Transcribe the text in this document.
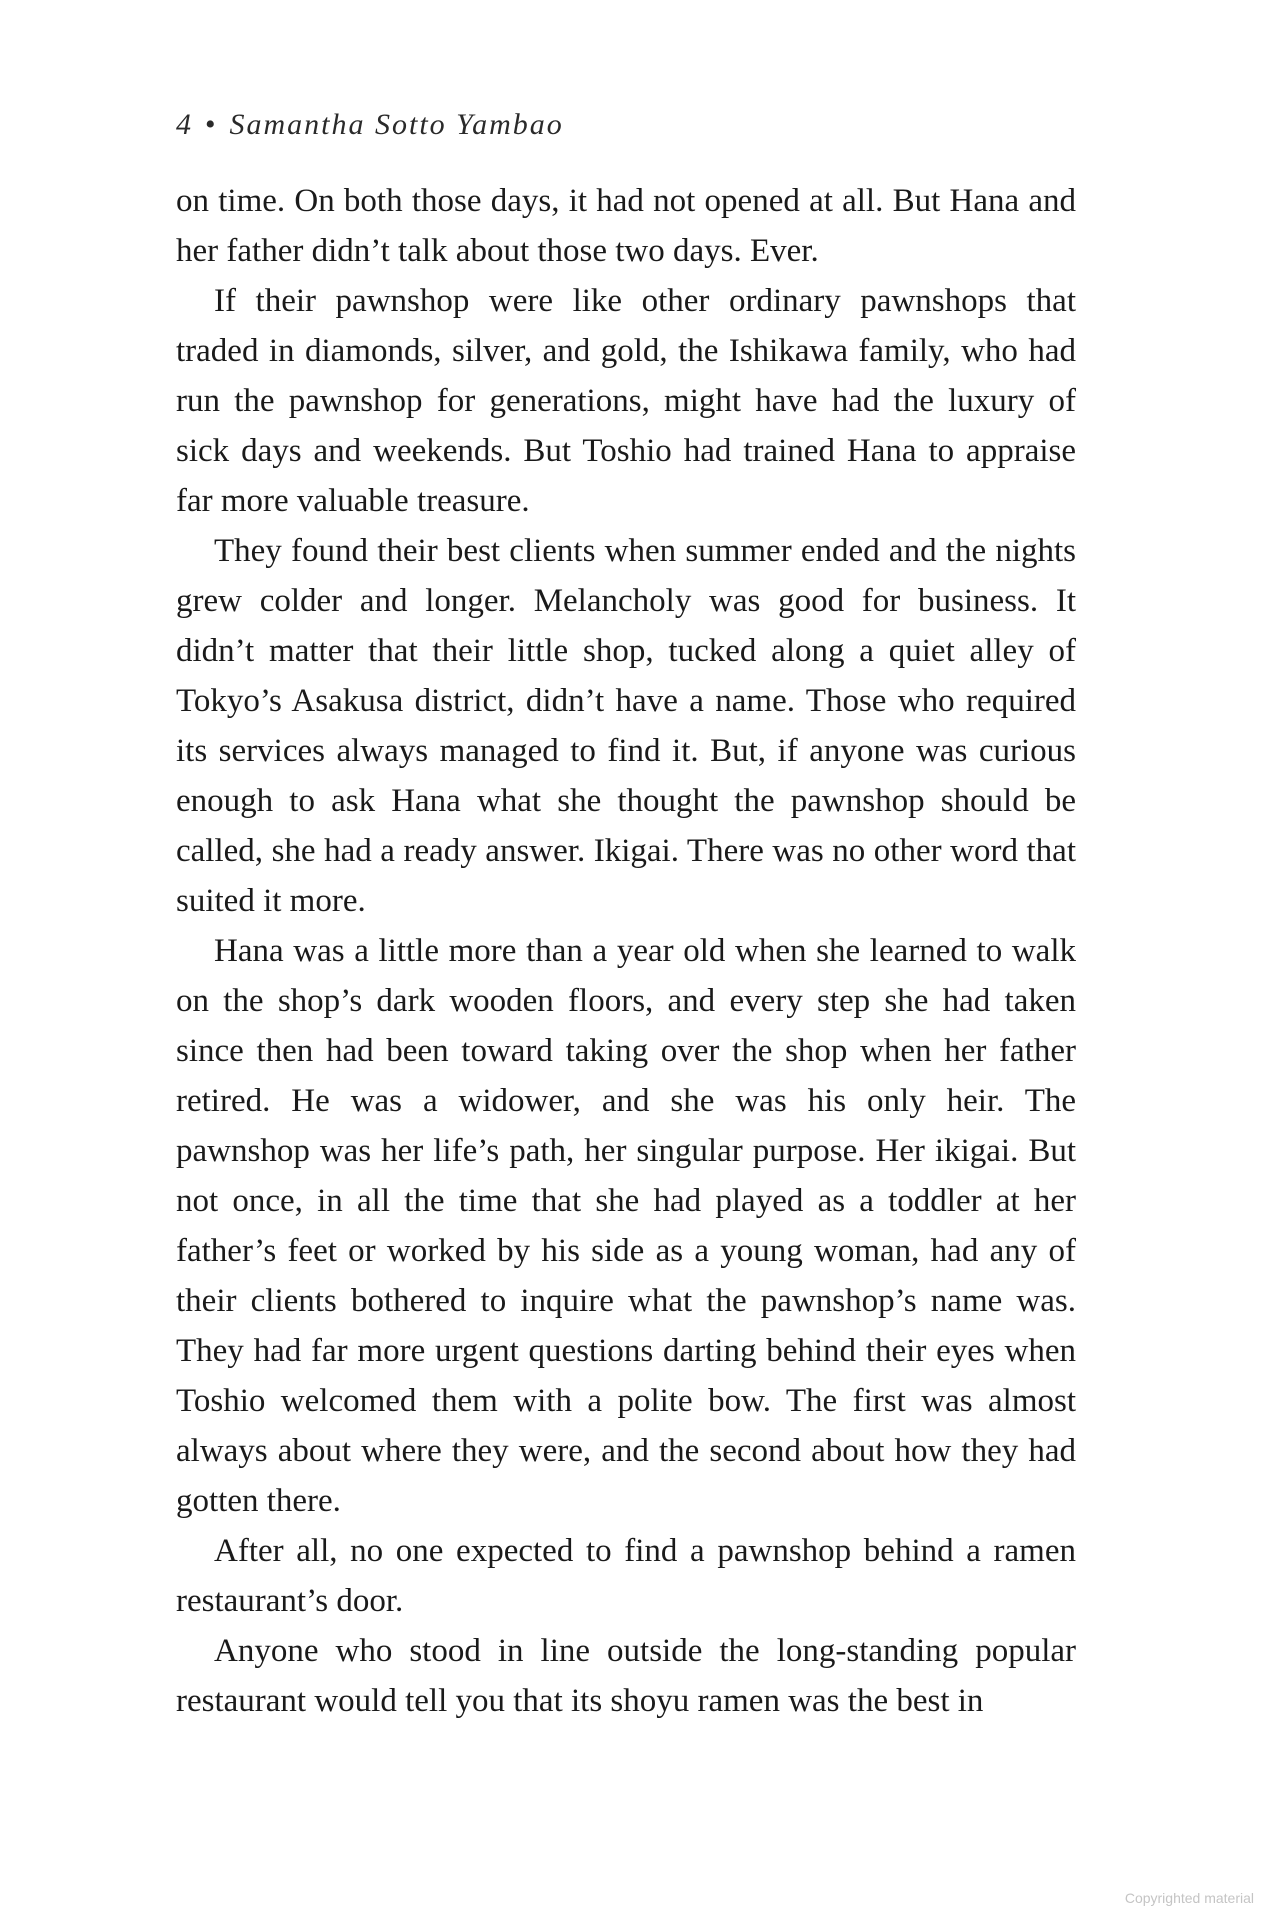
4 • Samantha Sotto Yambao

on time. On both those days, it had not opened at all. But Hana and her father didn’t talk about those two days. Ever.

If their pawnshop were like other ordinary pawnshops that traded in diamonds, silver, and gold, the Ishikawa family, who had run the pawnshop for generations, might have had the luxury of sick days and weekends. But Toshio had trained Hana to appraise far more valuable treasure.

They found their best clients when summer ended and the nights grew colder and longer. Melancholy was good for business. It didn’t matter that their little shop, tucked along a quiet alley of Tokyo’s Asakusa district, didn’t have a name. Those who required its services always managed to find it. But, if anyone was curious enough to ask Hana what she thought the pawnshop should be called, she had a ready answer. Ikigai. There was no other word that suited it more.

Hana was a little more than a year old when she learned to walk on the shop’s dark wooden floors, and every step she had taken since then had been toward taking over the shop when her father retired. He was a widower, and she was his only heir. The pawnshop was her life’s path, her singular purpose. Her ikigai. But not once, in all the time that she had played as a toddler at her father’s feet or worked by his side as a young woman, had any of their clients bothered to inquire what the pawnshop’s name was. They had far more urgent questions darting behind their eyes when Toshio welcomed them with a polite bow. The first was almost always about where they were, and the second about how they had gotten there.

After all, no one expected to find a pawnshop behind a ramen restaurant’s door.

Anyone who stood in line outside the long-standing popular restaurant would tell you that its shoyu ramen was the best in

Copyrighted material
